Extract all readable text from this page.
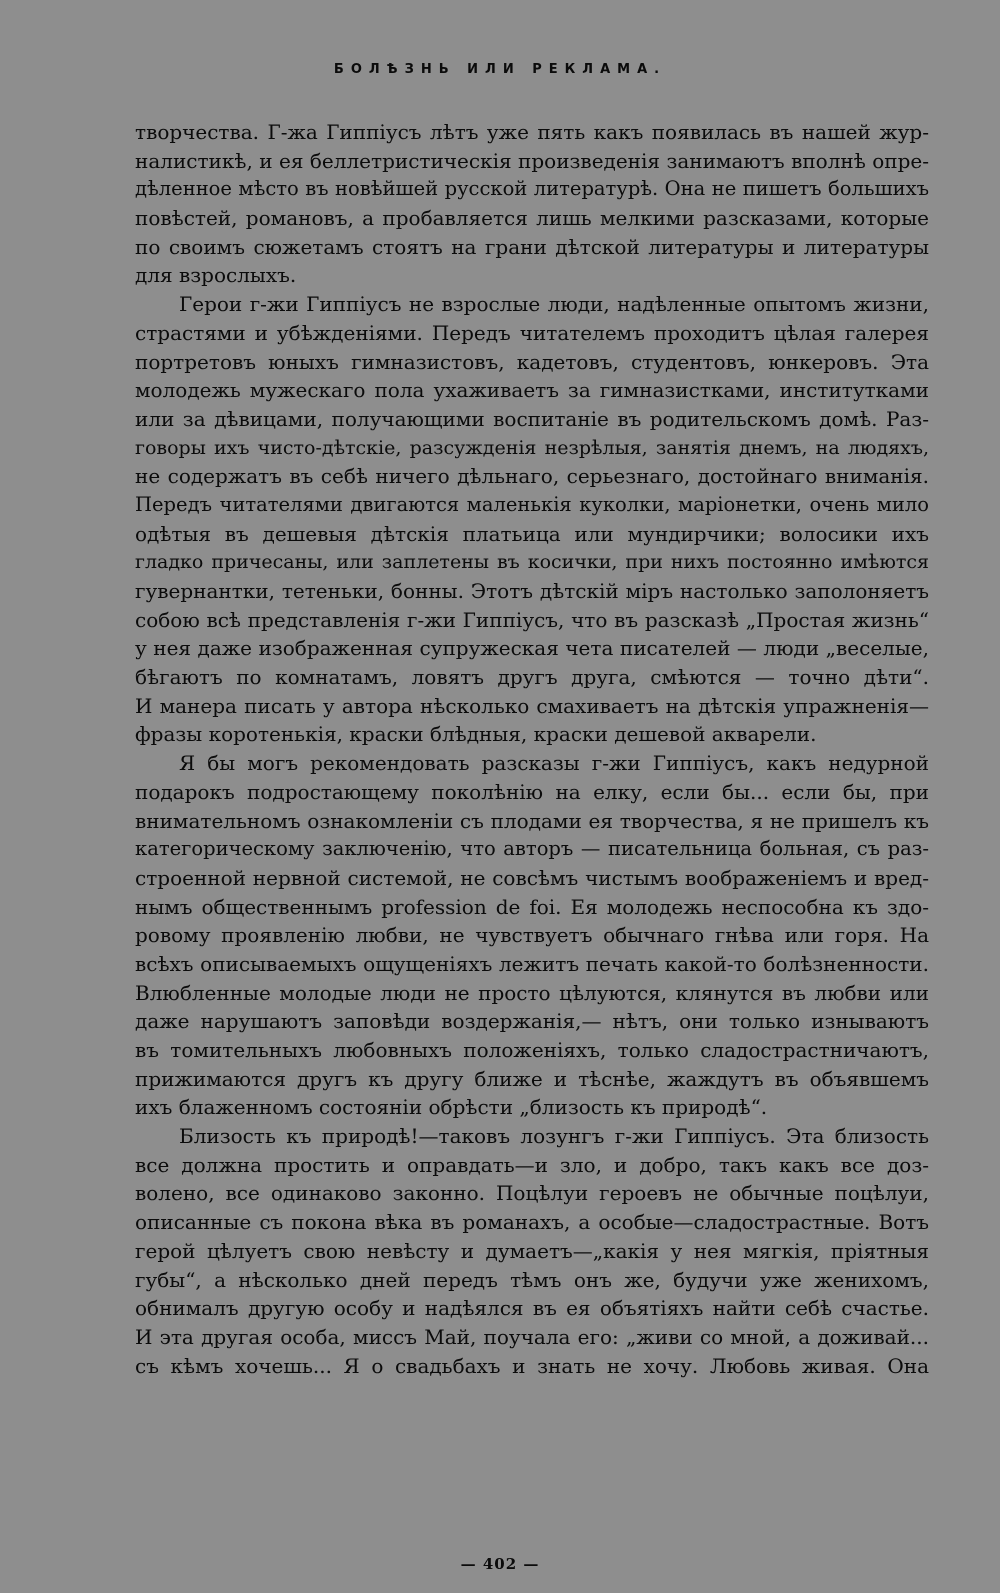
БОЛѢЗНЬ ИЛИ РЕКЛАМА.
творчества. Г-жа Гиппіусъ лѣтъ уже пять какъ появилась въ нашей жур-
налистикѣ, и ея беллетристическія произведенія занимаютъ вполнѣ опре-
дѣленное мѣсто въ новѣйшей русской литературѣ. Она не пишетъ большихъ
повѣстей, романовъ, а пробавляется лишь мелкими разсказами, которые
по своимъ сюжетамъ стоятъ на грани дѣтской литературы и литературы
для взрослыхъ.
Герои г-жи Гиппіусъ не взрослые люди, надѣленные опытомъ жизни,
страстями и убѣжденіями. Передъ читателемъ проходитъ цѣлая галерея
портретовъ юныхъ гимназистовъ, кадетовъ, студентовъ, юнкеровъ. Эта
молодежь мужескаго пола ухаживаетъ за гимназистками, институтками
или за дѣвицами, получающими воспитаніе въ родительскомъ домѣ. Раз-
говоры ихъ чисто-дѣтскіе, разсужденія незрѣлыя, занятія днемъ, на людяхъ,
не содержатъ въ себѣ ничего дѣльнаго, серьезнаго, достойнаго вниманія.
Передъ читателями двигаются маленькія куколки, маріонетки, очень мило
одѣтыя въ дешевыя дѣтскія платьица или мундирчики; волосики ихъ
гладко причесаны, или заплетены въ косички, при нихъ постоянно имѣются
гувернантки, тетеньки, бонны. Этотъ дѣтскій міръ настолько заполоняетъ
собою всѣ представленія г-жи Гиппіусъ, что въ разсказѣ „Простая жизнь“
у нея даже изображенная супружеская чета писателей — люди „веселые,
бѣгаютъ по комнатамъ, ловятъ другъ друга, смѣются — точно дѣти“.
И манера писать у автора нѣсколько смахиваетъ на дѣтскія упражненія—
фразы коротенькія, краски блѣдныя, краски дешевой акварели.
Я бы могъ рекомендовать разсказы г-жи Гиппіусъ, какъ недурной
подарокъ подростающему поколѣнію на елку, если бы... если бы, при
внимательномъ ознакомленіи съ плодами ея творчества, я не пришелъ къ
категорическому заключенію, что авторъ — писательница больная, съ раз-
строенной нервной системой, не совсѣмъ чистымъ воображеніемъ и вред-
нымъ общественнымъ profession de foi. Ея молодежь неспособна къ здо-
ровому проявленію любви, не чувствуетъ обычнаго гнѣва или горя. На
всѣхъ описываемыхъ ощущеніяхъ лежитъ печать какой-то болѣзненности.
Влюбленные молодые люди не просто цѣлуются, клянутся въ любви или
даже нарушаютъ заповѣди воздержанія,— нѣтъ, они только изнываютъ
въ томительныхъ любовныхъ положеніяхъ, только сладострастничаютъ,
прижимаются другъ къ другу ближе и тѣснѣе, жаждутъ въ объявшемъ
ихъ блаженномъ состояніи обрѣсти „близость къ природѣ“.
Близость къ природѣ!—таковъ лозунгъ г-жи Гиппіусъ. Эта близость
все должна простить и оправдать—и зло, и добро, такъ какъ все доз-
волено, все одинаково законно. Поцѣлуи героевъ не обычные поцѣлуи,
описанные съ покона вѣка въ романахъ, а особые—сладострастные. Вотъ
герой цѣлуетъ свою невѣсту и думаетъ—„какія у нея мягкія, пріятныя
губы“, а нѣсколько дней передъ тѣмъ онъ же, будучи уже женихомъ,
обнималъ другую особу и надѣялся въ ея объятіяхъ найти себѣ счастье.
И эта другая особа, миссъ Май, поучала его: „живи со мной, а доживай...
съ кѣмъ хочешь... Я о свадьбахъ и знать не хочу. Любовь живая. Она
— 402 —
